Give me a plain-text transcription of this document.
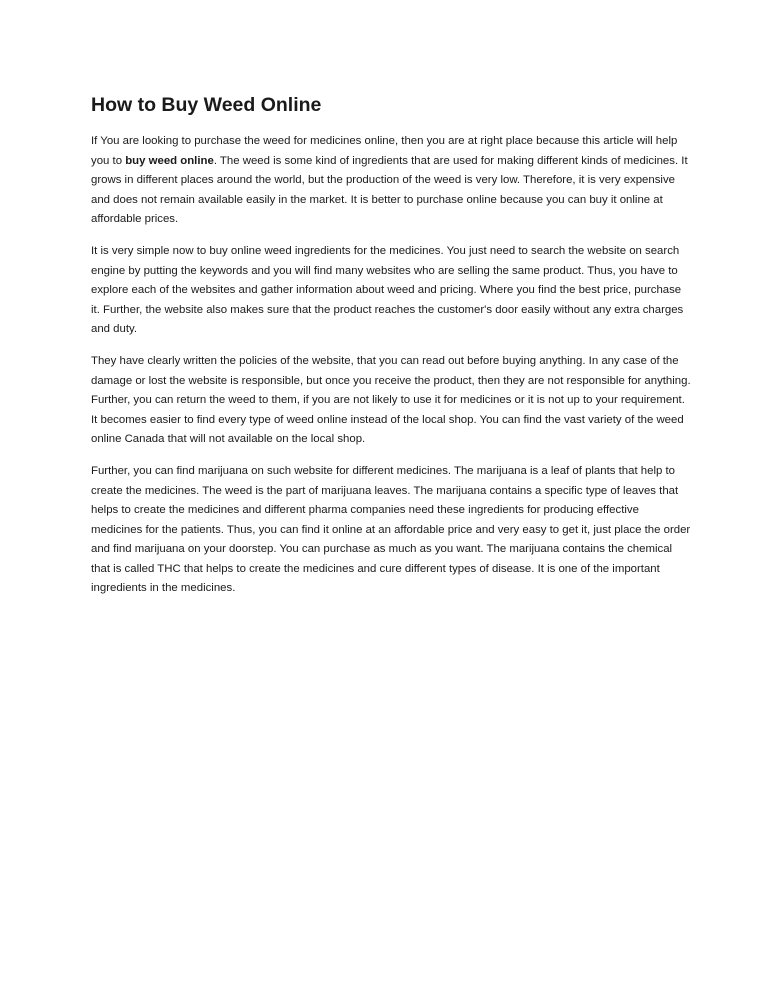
How to Buy Weed Online

If You are looking to purchase the weed for medicines online, then you are at right place because this article will help you to buy weed online. The weed is some kind of ingredients that are used for making different kinds of medicines. It grows in different places around the world, but the production of the weed is very low. Therefore, it is very expensive and does not remain available easily in the market. It is better to purchase online because you can buy it online at affordable prices.

It is very simple now to buy online weed ingredients for the medicines. You just need to search the website on search engine by putting the keywords and you will find many websites who are selling the same product. Thus, you have to explore each of the websites and gather information about weed and pricing. Where you find the best price, purchase it. Further, the website also makes sure that the product reaches the customer's door easily without any extra charges and duty.

They have clearly written the policies of the website, that you can read out before buying anything. In any case of the damage or lost the website is responsible, but once you receive the product, then they are not responsible for anything. Further, you can return the weed to them, if you are not likely to use it for medicines or it is not up to your requirement. It becomes easier to find every type of weed online instead of the local shop. You can find the vast variety of the weed online Canada that will not available on the local shop.

Further, you can find marijuana on such website for different medicines. The marijuana is a leaf of plants that help to create the medicines. The weed is the part of marijuana leaves. The marijuana contains a specific type of leaves that helps to create the medicines and different pharma companies need these ingredients for producing effective medicines for the patients. Thus, you can find it online at an affordable price and very easy to get it, just place the order and find marijuana on your doorstep. You can purchase as much as you want. The marijuana contains the chemical that is called THC that helps to create the medicines and cure different types of disease. It is one of the important ingredients in the medicines.
